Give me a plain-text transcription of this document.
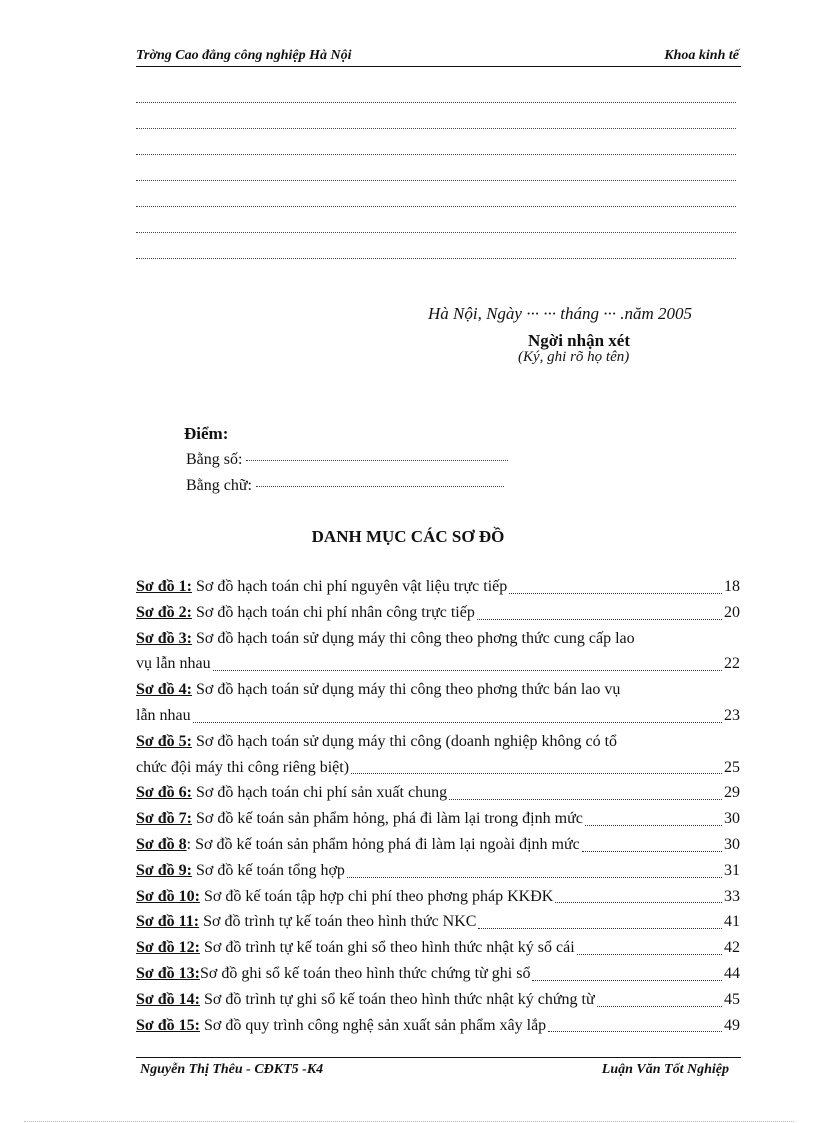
Trờng Cao đẳng công nghiệp Hà Nội	Khoa kinh tế
Hà Nội, Ngày ··· ··· tháng ··· .năm 2005
Ngời nhận xét
(Ký, ghi rõ họ tên)
Điểm:
Bằng số:
Bằng chữ:
DANH MỤC CÁC SƠ ĐỒ
Sơ đồ 1: Sơ đồ hạch toán chi phí nguyên vật liệu trực tiếp	18
Sơ đồ 2: Sơ đồ hạch toán chi phí nhân công trực tiếp	20
Sơ đồ 3: Sơ đồ hạch toán sử dụng máy thi công theo phơng thức cung cấp lao
vụ lẫn nhau	22
Sơ đồ 4: Sơ đồ hạch toán sử dụng máy thi công theo phơng thức bán lao vụ
lẫn nhau	23
Sơ đồ 5: Sơ đồ hạch toán sử dụng máy thi công (doanh nghiệp không có tổ
chức đội máy thi công riêng biệt)	25
Sơ đồ 6: Sơ đồ hạch toán chi phí sản xuất chung	29
Sơ đồ 7: Sơ đồ kế toán sản phẩm hỏng, phá đi làm lại trong định mức	30
Sơ đồ 8 : Sơ đồ kế toán sản phẩm hỏng phá đi làm lại ngoài định mức	30
Sơ đồ 9: Sơ đồ kế toán tổng hợp	31
Sơ đồ 10: Sơ đồ kế toán tập hợp chi phí theo phơng pháp KKĐK	33
Sơ đồ 11: Sơ đồ trình tự kế toán theo hình thức NKC	41
Sơ đồ 12: Sơ đồ trình tự kế toán ghi sổ theo hình thức nhật ký sổ cái	42
Sơ đồ 13: Sơ đồ ghi sổ kế toán theo hình thức chứng từ ghi sổ	44
Sơ đồ 14: Sơ đồ trình tự ghi sổ kế toán theo hình thức nhật ký chứng từ	45
Sơ đồ 15: Sơ đồ quy trình công nghệ sản xuất sản phẩm xây lắp	49
Nguyễn Thị Thêu - CĐKT5 -K4	Luận Văn Tốt Nghiệp
